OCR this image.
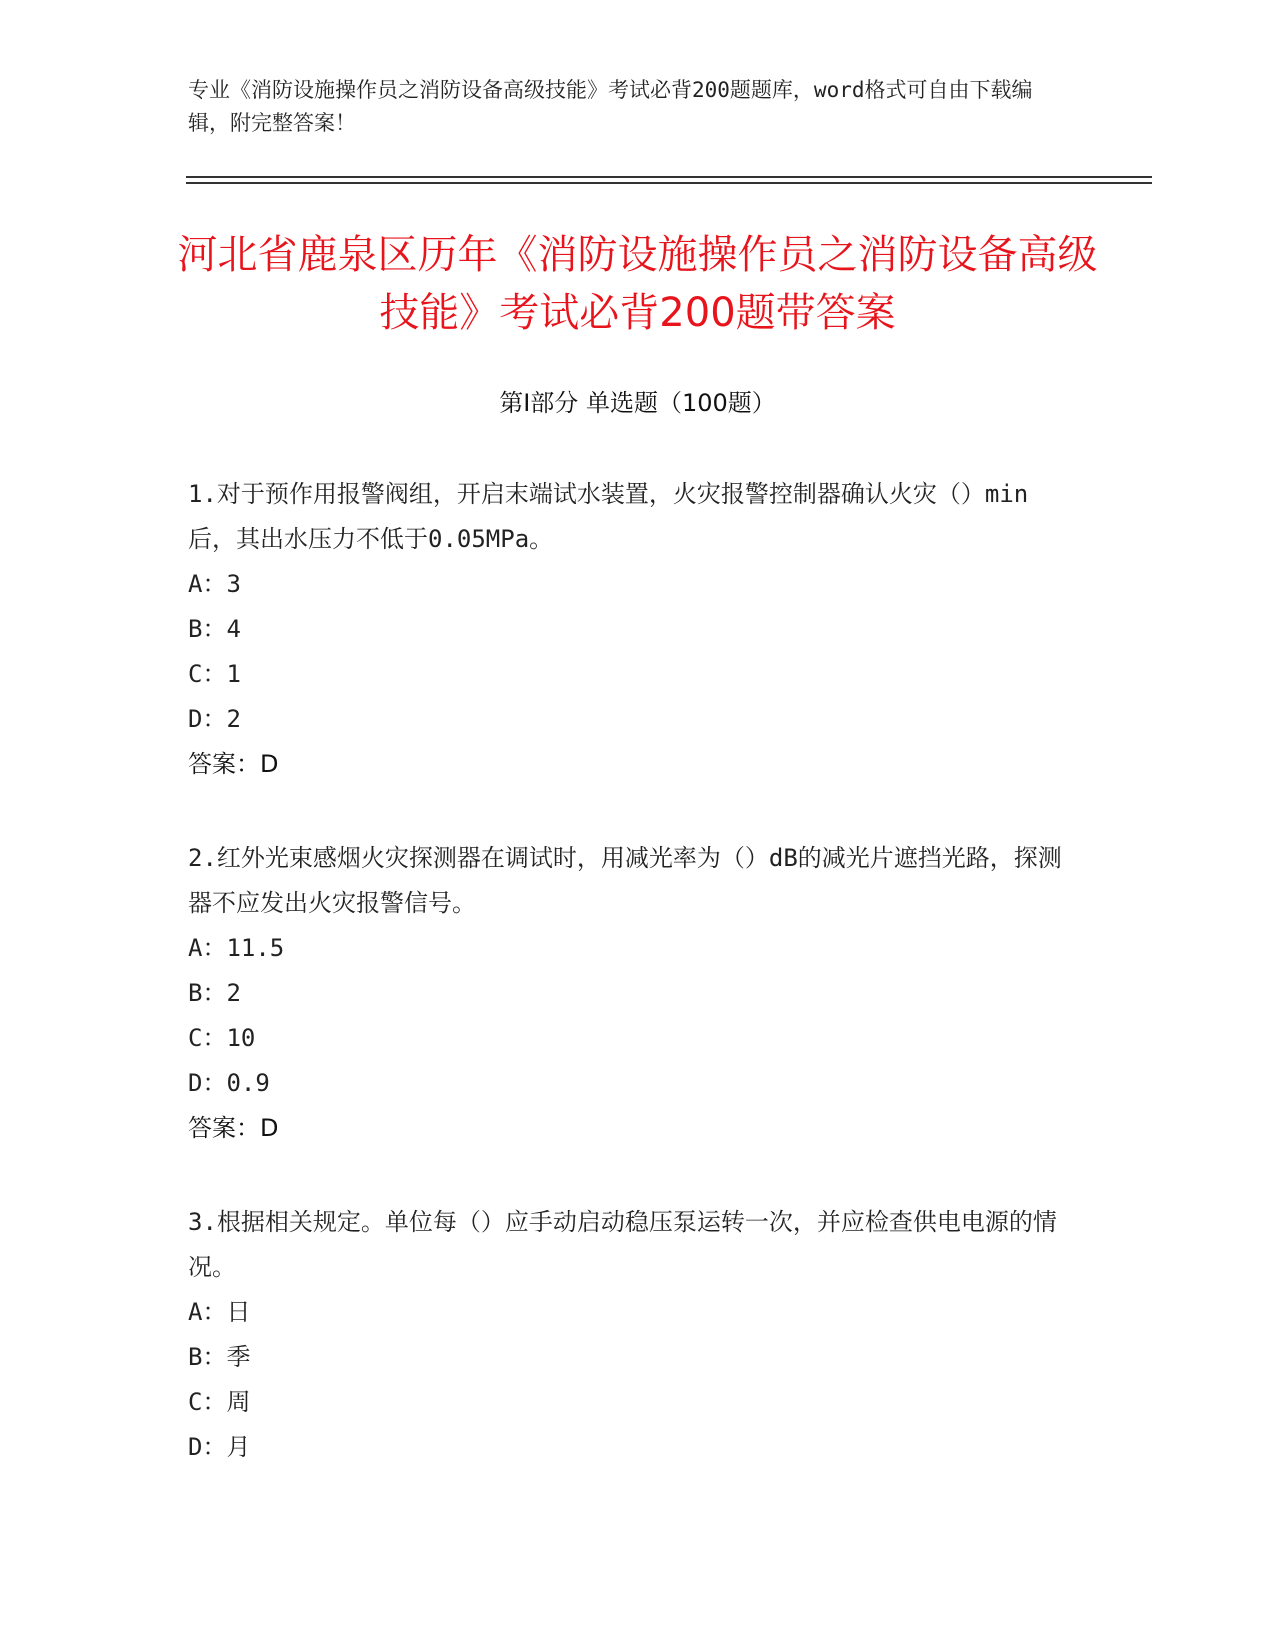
专业《消防设施操作员之消防设备高级技能》考试必背200题题库，word格式可自由下载编辑，附完整答案！
河北省鹿泉区历年《消防设施操作员之消防设备高级技能》考试必背200题带答案
第I部分 单选题（100题）

1.对于预作用报警阀组，开启末端试水装置，火灾报警控制器确认火灾（）min后，其出水压力不低于0.05MPa。

A：3
B：4
C：1
D：2
答案：D

2.红外光束感烟火灾探测器在调试时，用减光率为（）dB的减光片遮挡光路，探测器不应发出火灾报警信号。

A：11.5
B：2
C：10
D：0.9
答案：D

3.根据相关规定。单位每（）应手动启动稳压泵运转一次，并应检查供电电源的情况。

A：日
B：季
C：周
D：月
